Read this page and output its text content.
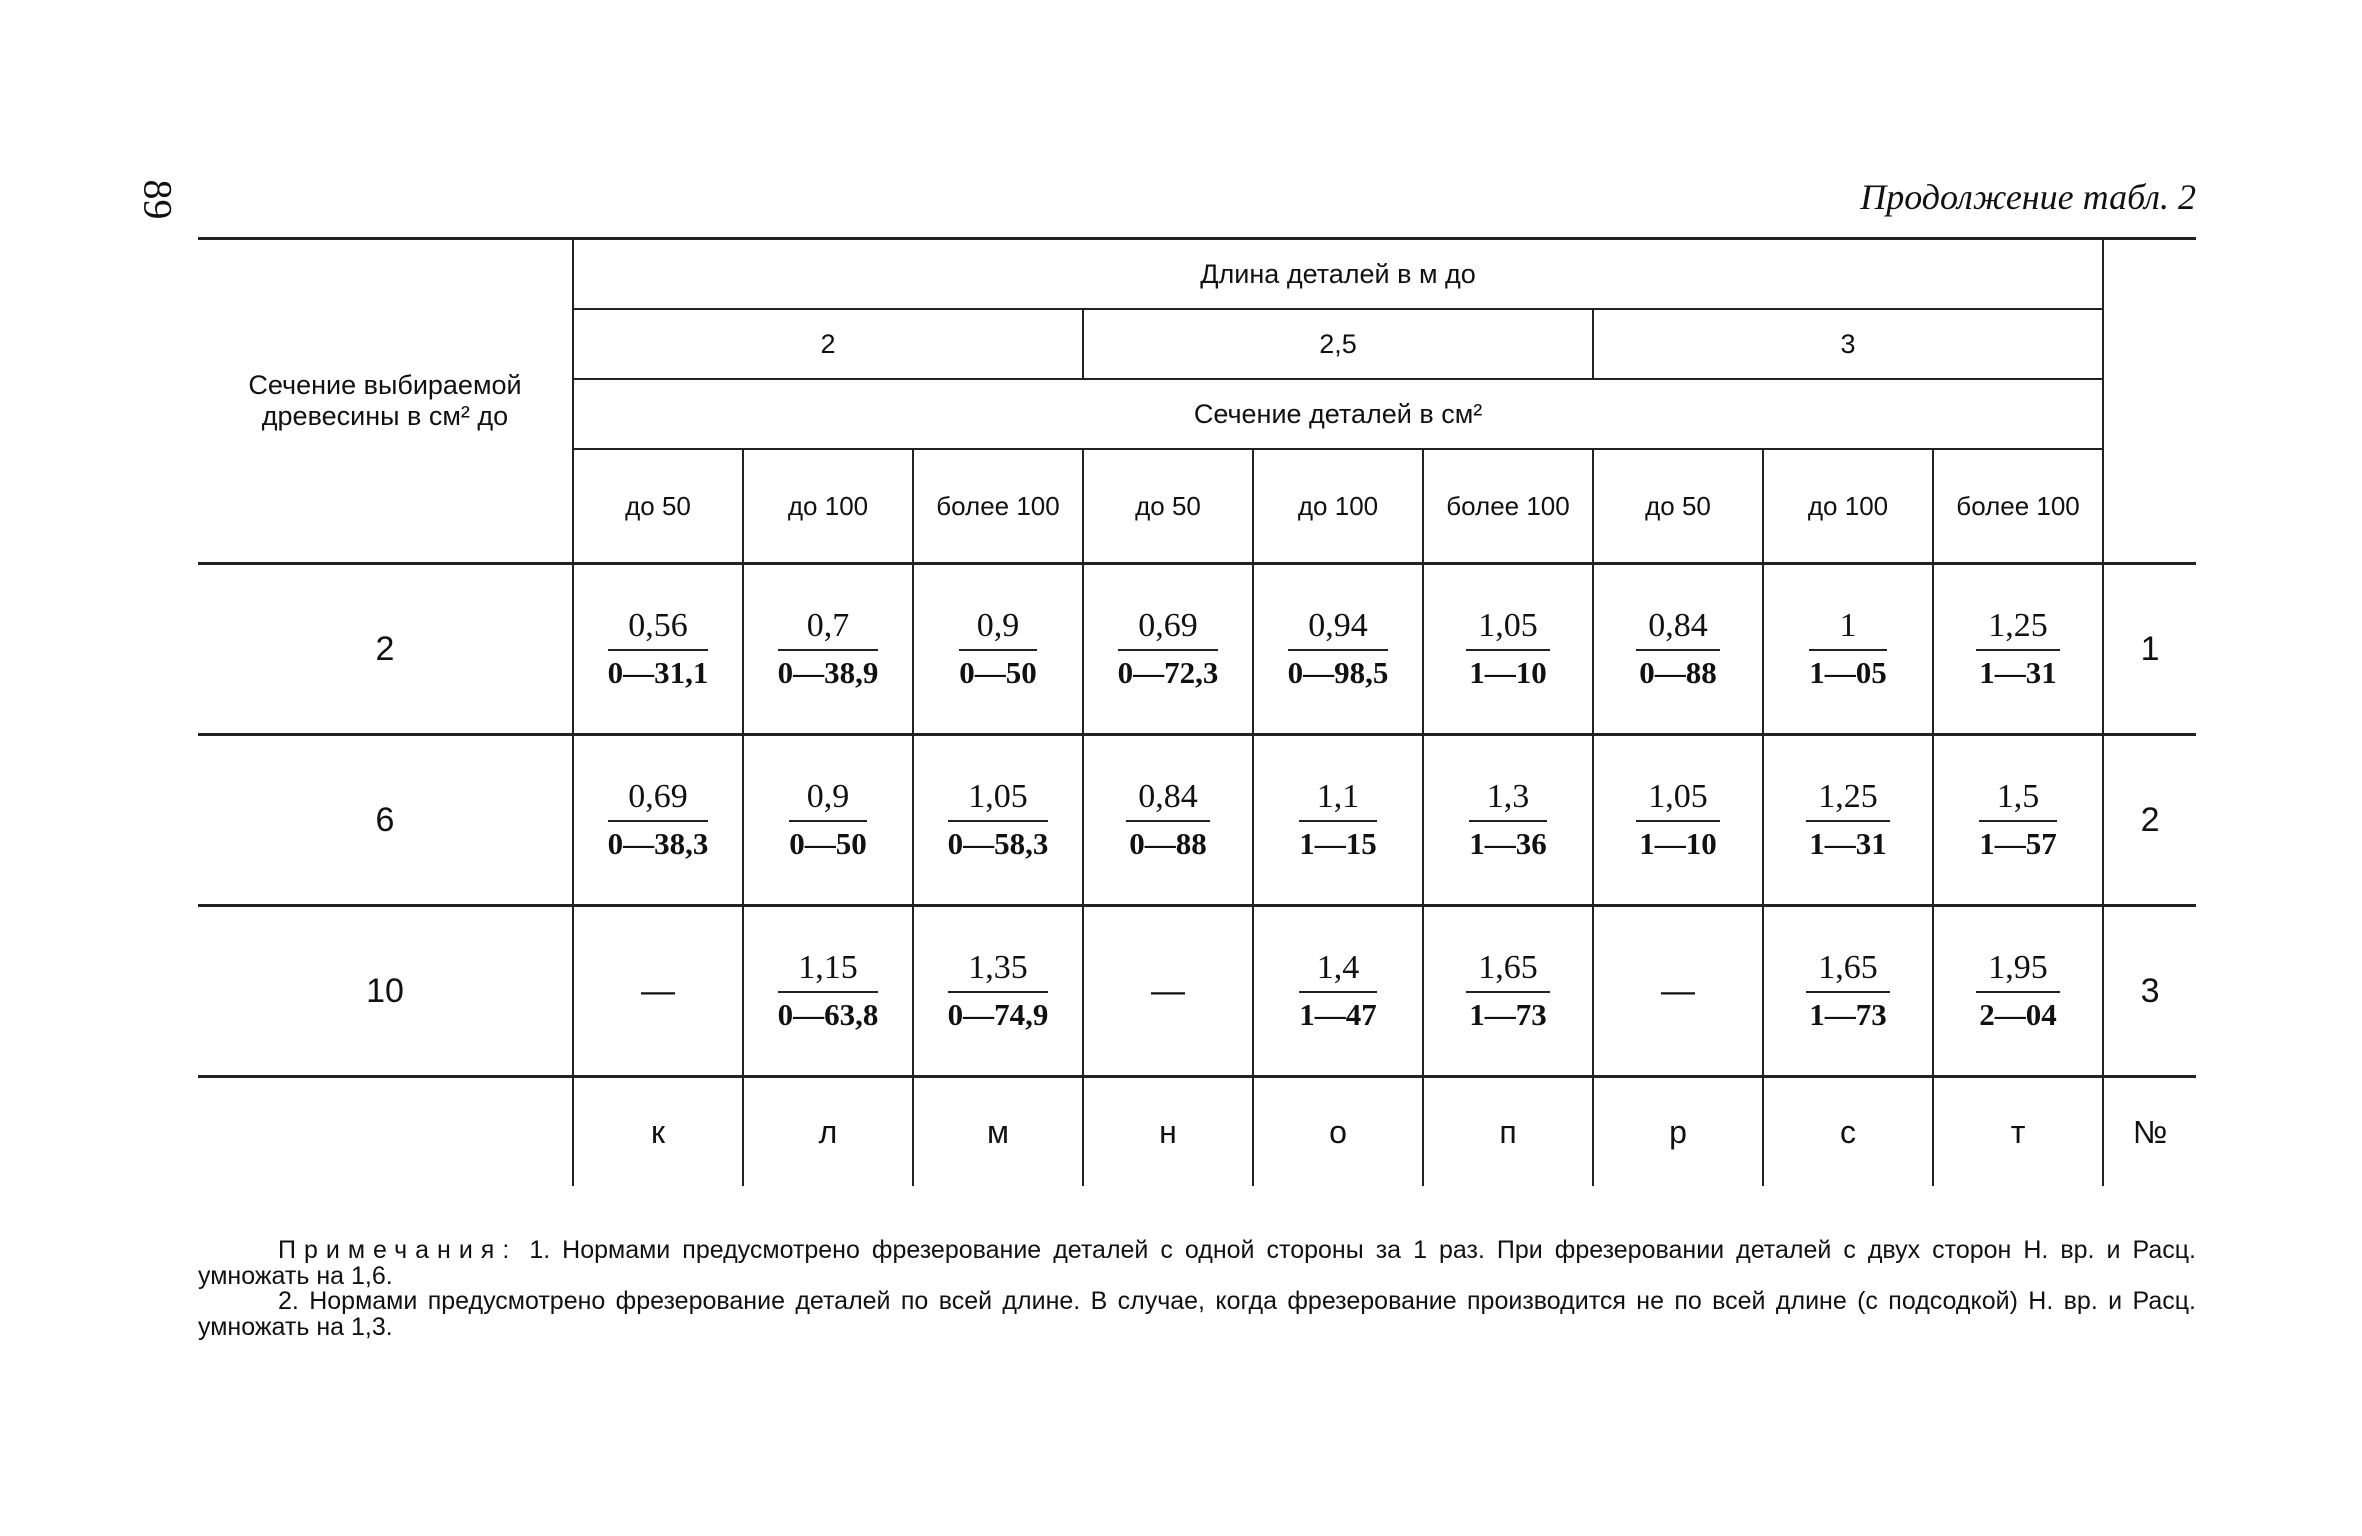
89	Продолжение табл. 2
Сечение выбираемой древесины в см² до	Длина деталей в м до									
	2			2,5			3			
	Сечение деталей в см²									
	до 50	до 100	более 100	до 50	до 100	более 100	до 50	до 100	более 100	
2	$\frac{0,56}{0—31,1}$	$\frac{0,7}{0—38,9}$	$\frac{0,9}{0—50}$	$\frac{0,69}{0—72,3}$	$\frac{0,94}{0—98,5}$	$\frac{1,05}{1—10}$	$\frac{0,84}{0—88}$	$\frac{1}{1—05}$	$\frac{1,25}{1—31}$	1
6	$\frac{0,69}{0—38,3}$	$\frac{0,9}{0—50}$	$\frac{1,05}{0—58,3}$	$\frac{0,84}{0—88}$	$\frac{1,1}{1—15}$	$\frac{1,3}{1—36}$	$\frac{1,05}{1—10}$	$\frac{1,25}{1—31}$	$\frac{1,5}{1—57}$	2
10	—	$\frac{1,15}{0—63,8}$	$\frac{1,35}{0—74,9}$	—	$\frac{1,4}{1—47}$	$\frac{1,65}{1—73}$	—	$\frac{1,65}{1—73}$	$\frac{1,95}{2—04}$	3
	к	л	м	н	о	п	р	с	т	№

Примечания: 1. Нормами предусмотрено фрезерование деталей с одной стороны за 1 раз. При фрезеровании деталей с двух сторон Н. вр. и Расц. умножать на 1,6.

2. Нормами предусмотрено фрезерование деталей по всей длине. В случае, когда фрезерование производится не по всей длине (с подсодкой) Н. вр. и Расц. умножать на 1,3.
